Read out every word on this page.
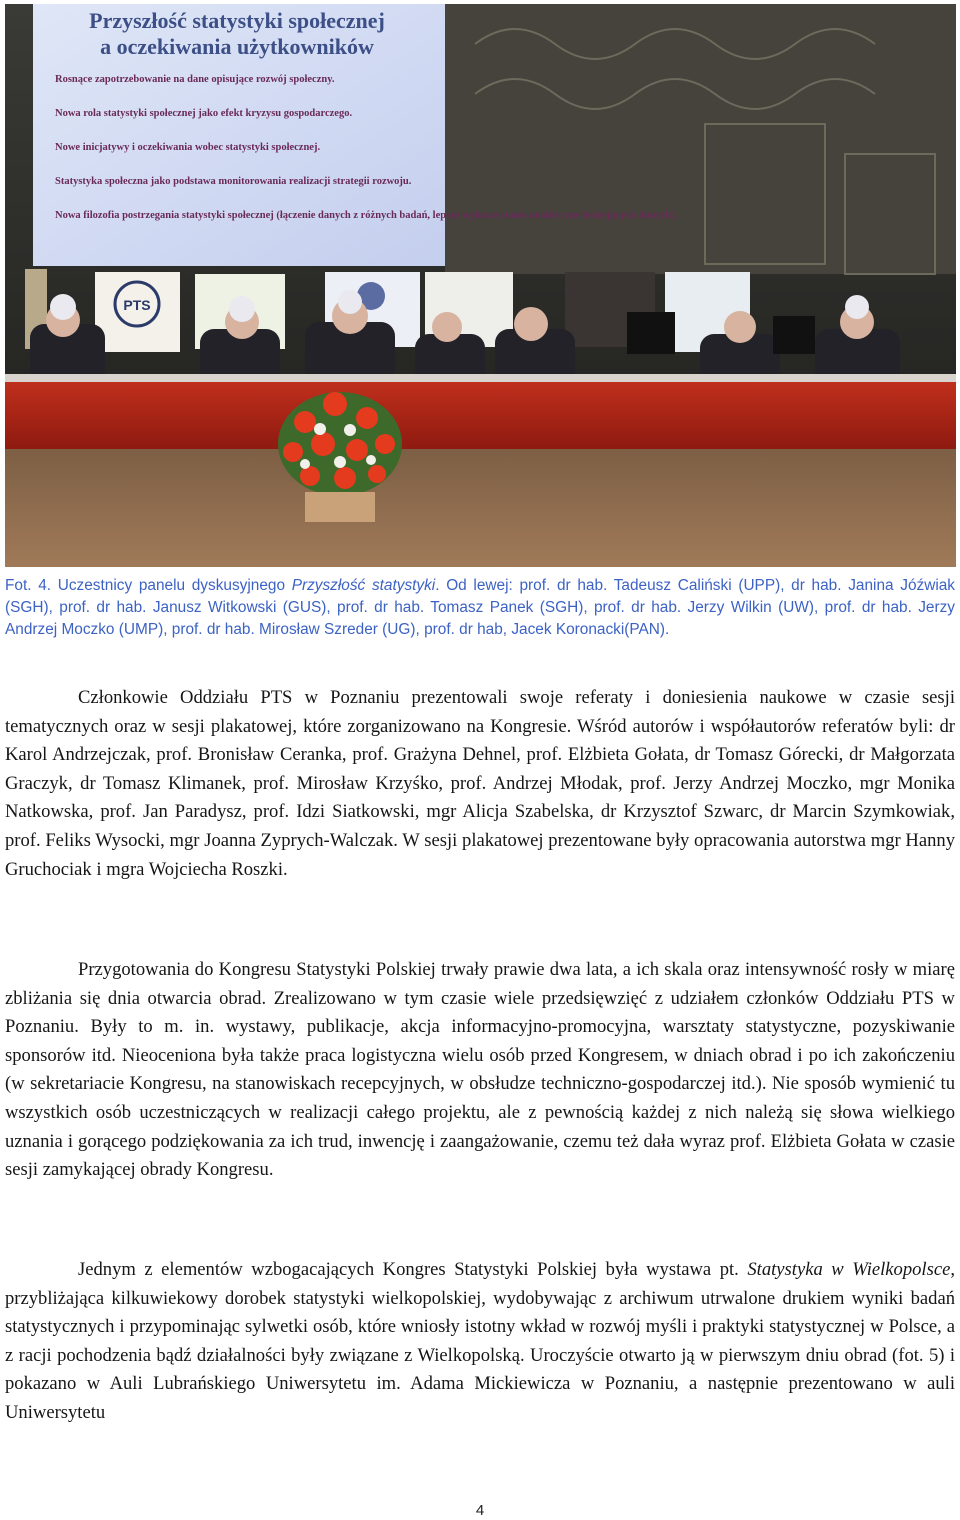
Przyszłość statystyki społecznej
a oczekiwania użytkowników
Rosnące zapotrzebowanie na dane opisujące rozwój społeczny.
Nowa rola statystyki społecznej jako efekt kryzysu gospodarczego.
Nowe inicjatywy i oczekiwania wobec statystyki społecznej.
Statystyka społeczna jako podstawa monitorowania realizacji strategii rozwoju.
Nowa filozofia postrzegania statystyki społecznej (łączenie danych z różnych badań, lepsze wykorzystanie analityczne istniejących danych).
PTS
Fot. 4. Uczestnicy panelu dyskusyjnego Przyszłość statystyki. Od lewej: prof. dr hab. Tadeusz Caliński (UPP), dr hab. Janina Jóźwiak (SGH), prof. dr hab. Janusz Witkowski (GUS), prof. dr hab. Tomasz Panek (SGH), prof. dr hab. Jerzy Wilkin (UW), prof. dr hab. Jerzy Andrzej Moczko (UMP), prof. dr hab. Mirosław Szreder (UG), prof. dr hab, Jacek Koronacki(PAN).

Członkowie Oddziału PTS w Poznaniu prezentowali swoje referaty i doniesienia naukowe w czasie sesji tematycznych oraz w sesji plakatowej, które zorganizowano na Kongresie. Wśród autorów i współautorów referatów byli: dr Karol Andrzejczak, prof. Bronisław Ceranka, prof. Grażyna Dehnel, prof. Elżbieta Gołata, dr Tomasz Górecki, dr Małgorzata Graczyk, dr Tomasz Klimanek, prof. Mirosław Krzyśko, prof. Andrzej Młodak, prof. Jerzy Andrzej Moczko, mgr Monika Natkowska, prof. Jan Paradysz, prof. Idzi Siatkowski, mgr Alicja Szabelska, dr Krzysztof Szwarc, dr Marcin Szymkowiak, prof. Feliks Wysocki, mgr Joanna Zyprych-Walczak. W sesji plakatowej prezentowane były opracowania autorstwa mgr Hanny Gruchociak i mgra Wojciecha Roszki.

Przygotowania do Kongresu Statystyki Polskiej trwały prawie dwa lata, a ich skala oraz intensywność rosły w miarę zbliżania się dnia otwarcia obrad. Zrealizowano w tym czasie wiele przedsięwzięć z udziałem członków Oddziału PTS w Poznaniu. Były to m. in. wystawy, publikacje, akcja informacyjno-promocyjna, warsztaty statystyczne, pozyskiwanie sponsorów itd. Nieoceniona była także praca logistyczna wielu osób przed Kongresem, w dniach obrad i po ich zakończeniu (w sekretariacie Kongresu, na stanowiskach recepcyjnych, w obsłudze techniczno-gospodarczej itd.). Nie sposób wymienić tu wszystkich osób uczestniczących w realizacji całego projektu, ale z pewnością każdej z nich należą się słowa wielkiego uznania i gorącego podziękowania za ich trud, inwencję i zaangażowanie, czemu też dała wyraz prof. Elżbieta Gołata w czasie sesji zamykającej obrady Kongresu.

Jednym z elementów wzbogacających Kongres Statystyki Polskiej była wystawa pt. Statystyka w Wielkopolsce, przybliżająca kilkuwiekowy dorobek statystyki wielkopolskiej, wydobywając z archiwum utrwalone drukiem wyniki badań statystycznych i przypominając sylwetki osób, które wniosły istotny wkład w rozwój myśli i praktyki statystycznej w Polsce, a z racji pochodzenia bądź działalności były związane z Wielkopolską. Uroczyście otwarto ją w pierwszym dniu obrad (fot. 5) i pokazano w Auli Lubrańskiego Uniwersytetu im. Adama Mickiewicza w Poznaniu, a następnie prezentowano w auli Uniwersytetu

4
